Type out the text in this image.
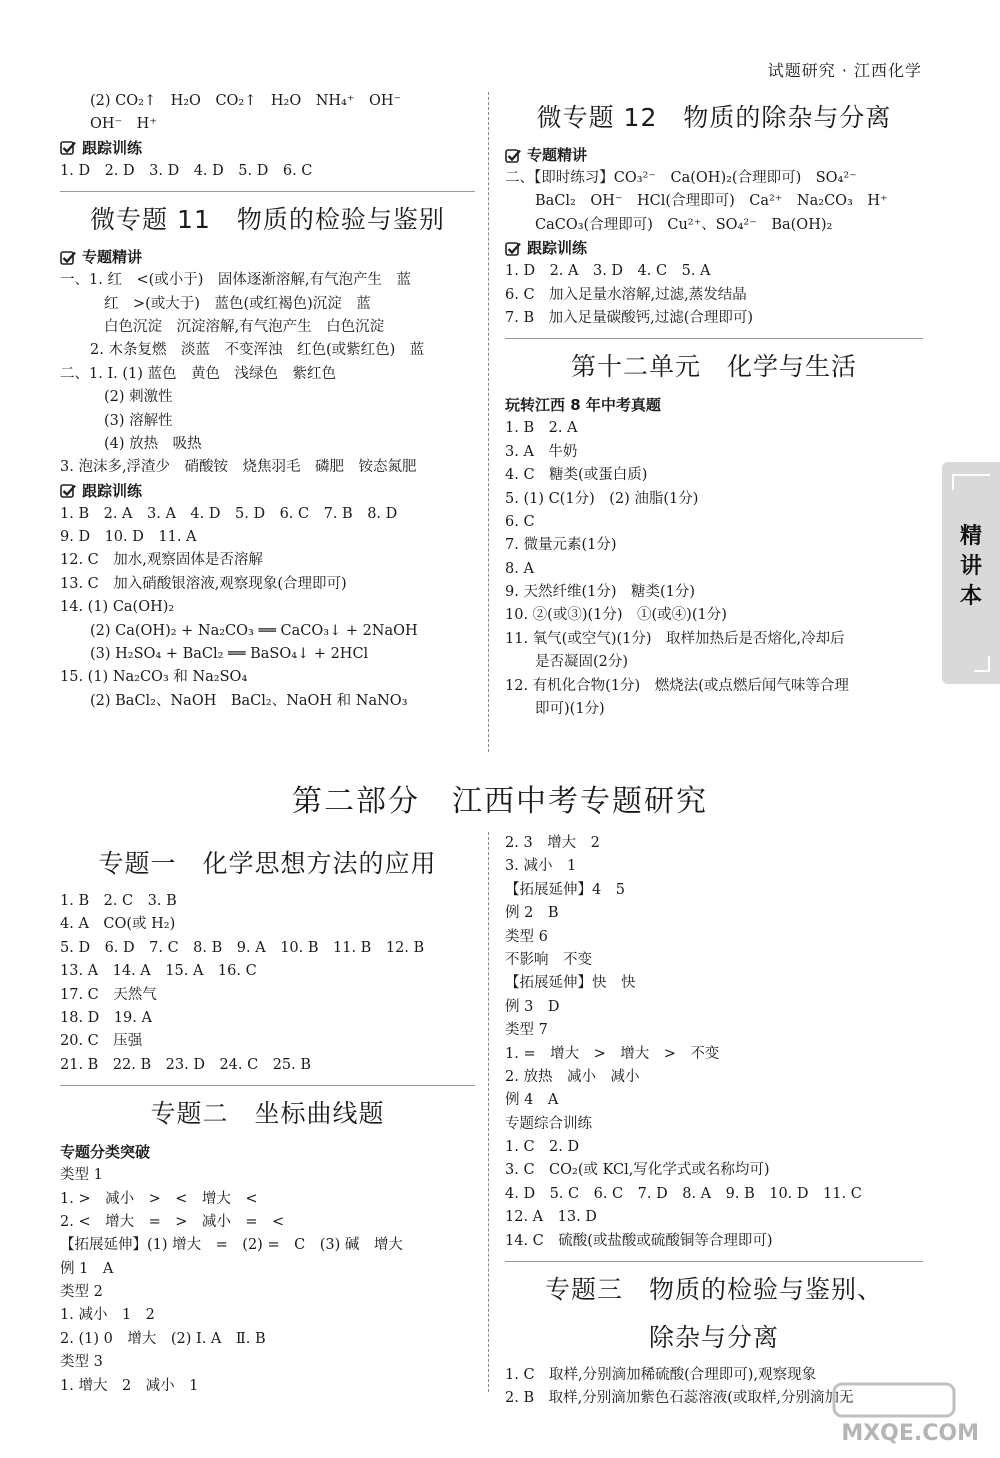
试题研究 · 江西化学
(2) CO₂↑　H₂O　CO₂↑　H₂O　NH₄⁺　OH⁻
OH⁻　H⁺
跟踪训练
1. D　2. D　3. D　4. D　5. D　6. C
微专题 11　物质的检验与鉴别
专题精讲
一、1. 红　<(或小于)　固体逐渐溶解,有气泡产生　蓝
红　>(或大于)　蓝色(或红褐色)沉淀　蓝
白色沉淀　沉淀溶解,有气泡产生　白色沉淀
2. 木条复燃　淡蓝　不变浑浊　红色(或紫红色)　蓝
二、1. Ⅰ. (1) 蓝色　黄色　浅绿色　紫红色
(2) 刺激性
(3) 溶解性
(4) 放热　吸热
3. 泡沫多,浮渣少　硝酸铵　烧焦羽毛　磷肥　铵态氮肥
跟踪训练
1. B　2. A　3. A　4. D　5. D　6. C　7. B　8. D
9. D　10. D　11. A
12. C　加水,观察固体是否溶解
13. C　加入硝酸银溶液,观察现象(合理即可)
14. (1) Ca(OH)₂
(2) Ca(OH)₂ + Na₂CO₃ ══ CaCO₃↓ + 2NaOH
(3) H₂SO₄ + BaCl₂ ══ BaSO₄↓ + 2HCl
15. (1) Na₂CO₃ 和 Na₂SO₄
(2) BaCl₂、NaOH　BaCl₂、NaOH 和 NaNO₃
微专题 12　物质的除杂与分离
专题精讲
二、【即时练习】CO₃²⁻　Ca(OH)₂(合理即可)　SO₄²⁻
BaCl₂　OH⁻　HCl(合理即可)　Ca²⁺　Na₂CO₃　H⁺
CaCO₃(合理即可)　Cu²⁺、SO₄²⁻　Ba(OH)₂
跟踪训练
1. D　2. A　3. D　4. C　5. A
6. C　加入足量水溶解,过滤,蒸发结晶
7. B　加入足量碳酸钙,过滤(合理即可)
第十二单元　化学与生活
玩转江西 8 年中考真题
1. B　2. A
3. A　牛奶
4. C　糖类(或蛋白质)
5. (1) C(1分)　(2) 油脂(1分)
6. C
7. 微量元素(1分)
8. A
9. 天然纤维(1分)　糖类(1分)
10. ②(或③)(1分)　①(或④)(1分)
11. 氧气(或空气)(1分)　取样加热后是否熔化,冷却后
是否凝固(2分)
12. 有机化合物(1分)　燃烧法(或点燃后闻气味等合理
即可)(1分)
第二部分　江西中考专题研究
专题一　化学思想方法的应用
1. B　2. C　3. B
4. A　CO(或 H₂)
5. D　6. D　7. C　8. B　9. A　10. B　11. B　12. B
13. A　14. A　15. A　16. C
17. C　天然气
18. D　19. A
20. C　压强
21. B　22. B　23. D　24. C　25. B
专题二　坐标曲线题
专题分类突破
类型 1
1. >　减小　>　<　增大　<
2. <　增大　=　>　减小　=　<
【拓展延伸】(1) 增大　=　(2) =　C　(3) 碱　增大
例 1　A
类型 2
1. 减小　1　2
2. (1) 0　增大　(2) Ⅰ. A　Ⅱ. B
类型 3
1. 增大　2　减小　1
2. 3　增大　2
3. 减小　1
【拓展延伸】4　5
例 2　B
类型 6
不影响　不变
【拓展延伸】快　快
例 3　D
类型 7
1. =　增大　>　增大　>　不变
2. 放热　减小　减小
例 4　A
专题综合训练
1. C　2. D
3. C　CO₂(或 KCl,写化学式或名称均可)
4. D　5. C　6. C　7. D　8. A　9. B　10. D　11. C
12. A　13. D
14. C　硫酸(或盐酸或硫酸铜等合理即可)
专题三　物质的检验与鉴别、
除杂与分离
1. C　取样,分别滴加稀硫酸(合理即可),观察现象
2. B　取样,分别滴加紫色石蕊溶液(或取样,分别滴加无
精
讲
本
MXQE.COM
